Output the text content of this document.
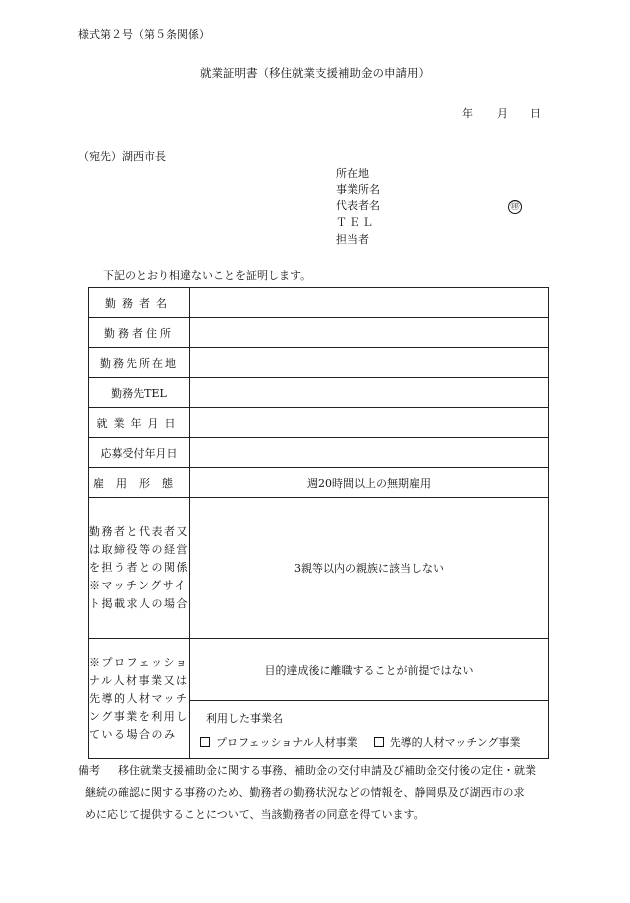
様式第２号（第５条関係）
就業証明書（移住就業支援補助金の申請用）
年 月 日
（宛先）湖西市長
所在地
事業所名
代表者名	㊞
ＴＥＬ
担当者
下記のとおり相違ないことを証明します。
勤務者名	
勤務者住所	
勤務先所在地	
勤務先TEL	
就業年月日	
応募受付年月日	
雇用形態	週20時間以上の無期雇用
勤務者と代表者又は取締役等の経営を担う者との関係※マッチングサイト掲載求人の場合	3親等以内の親族に該当しない
※プロフェッショナル人材事業又は先導的人材マッチング事業を利用している場合のみ	目的達成後に離職することが前提ではない

	利用した事業名
プロフェッショナル人材事業 先導的人材マッチング事業
備考	移住就業支援補助金に関する事務、補助金の交付申請及び補助金交付後の定住・就業
継続の確認に関する事務のため、勤務者の勤務状況などの情報を、静岡県及び湖西市の求
めに応じて提供することについて、当該勤務者の同意を得ています。
